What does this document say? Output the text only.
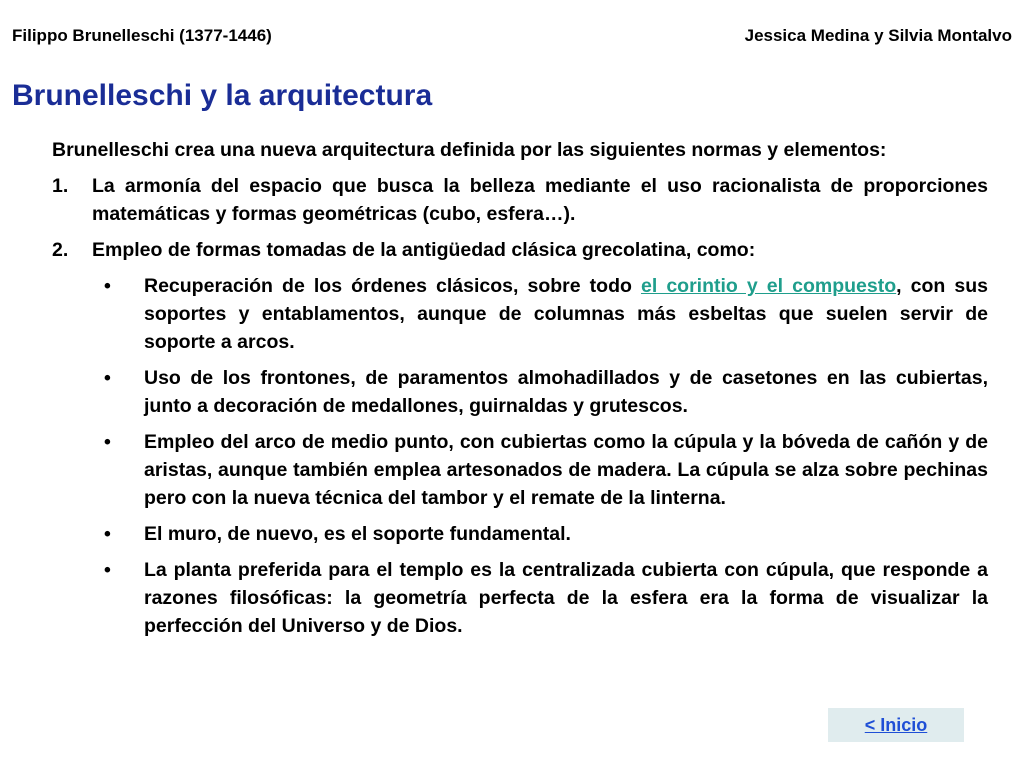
Filippo Brunelleschi (1377-1446)	Jessica Medina y Silvia Montalvo
Brunelleschi y la arquitectura

Brunelleschi crea una nueva arquitectura definida por las siguientes normas y elementos:

1. La armonía del espacio que busca la belleza mediante el uso racionalista de proporciones matemáticas y formas geométricas (cubo, esfera…).
2. Empleo de formas tomadas de la antigüedad clásica grecolatina, como:
• Recuperación de los órdenes clásicos, sobre todo el corintio y el compuesto, con sus soportes y entablamentos, aunque de columnas más esbeltas que suelen servir de soporte a arcos.
• Uso de los frontones, de paramentos almohadillados y de casetones en las cubiertas, junto a decoración de medallones, guirnaldas y grutescos.
• Empleo del arco de medio punto, con cubiertas como la cúpula y la bóveda de cañón y de aristas, aunque también emplea artesonados de madera. La cúpula se alza sobre pechinas pero con la nueva técnica del tambor y el remate de la linterna.
• El muro, de nuevo, es el soporte fundamental.
• La planta preferida para el templo es la centralizada cubierta con cúpula, que responde a razones filosóficas: la geometría perfecta de la esfera era la forma de visualizar la perfección del Universo y de Dios.
< Inicio
